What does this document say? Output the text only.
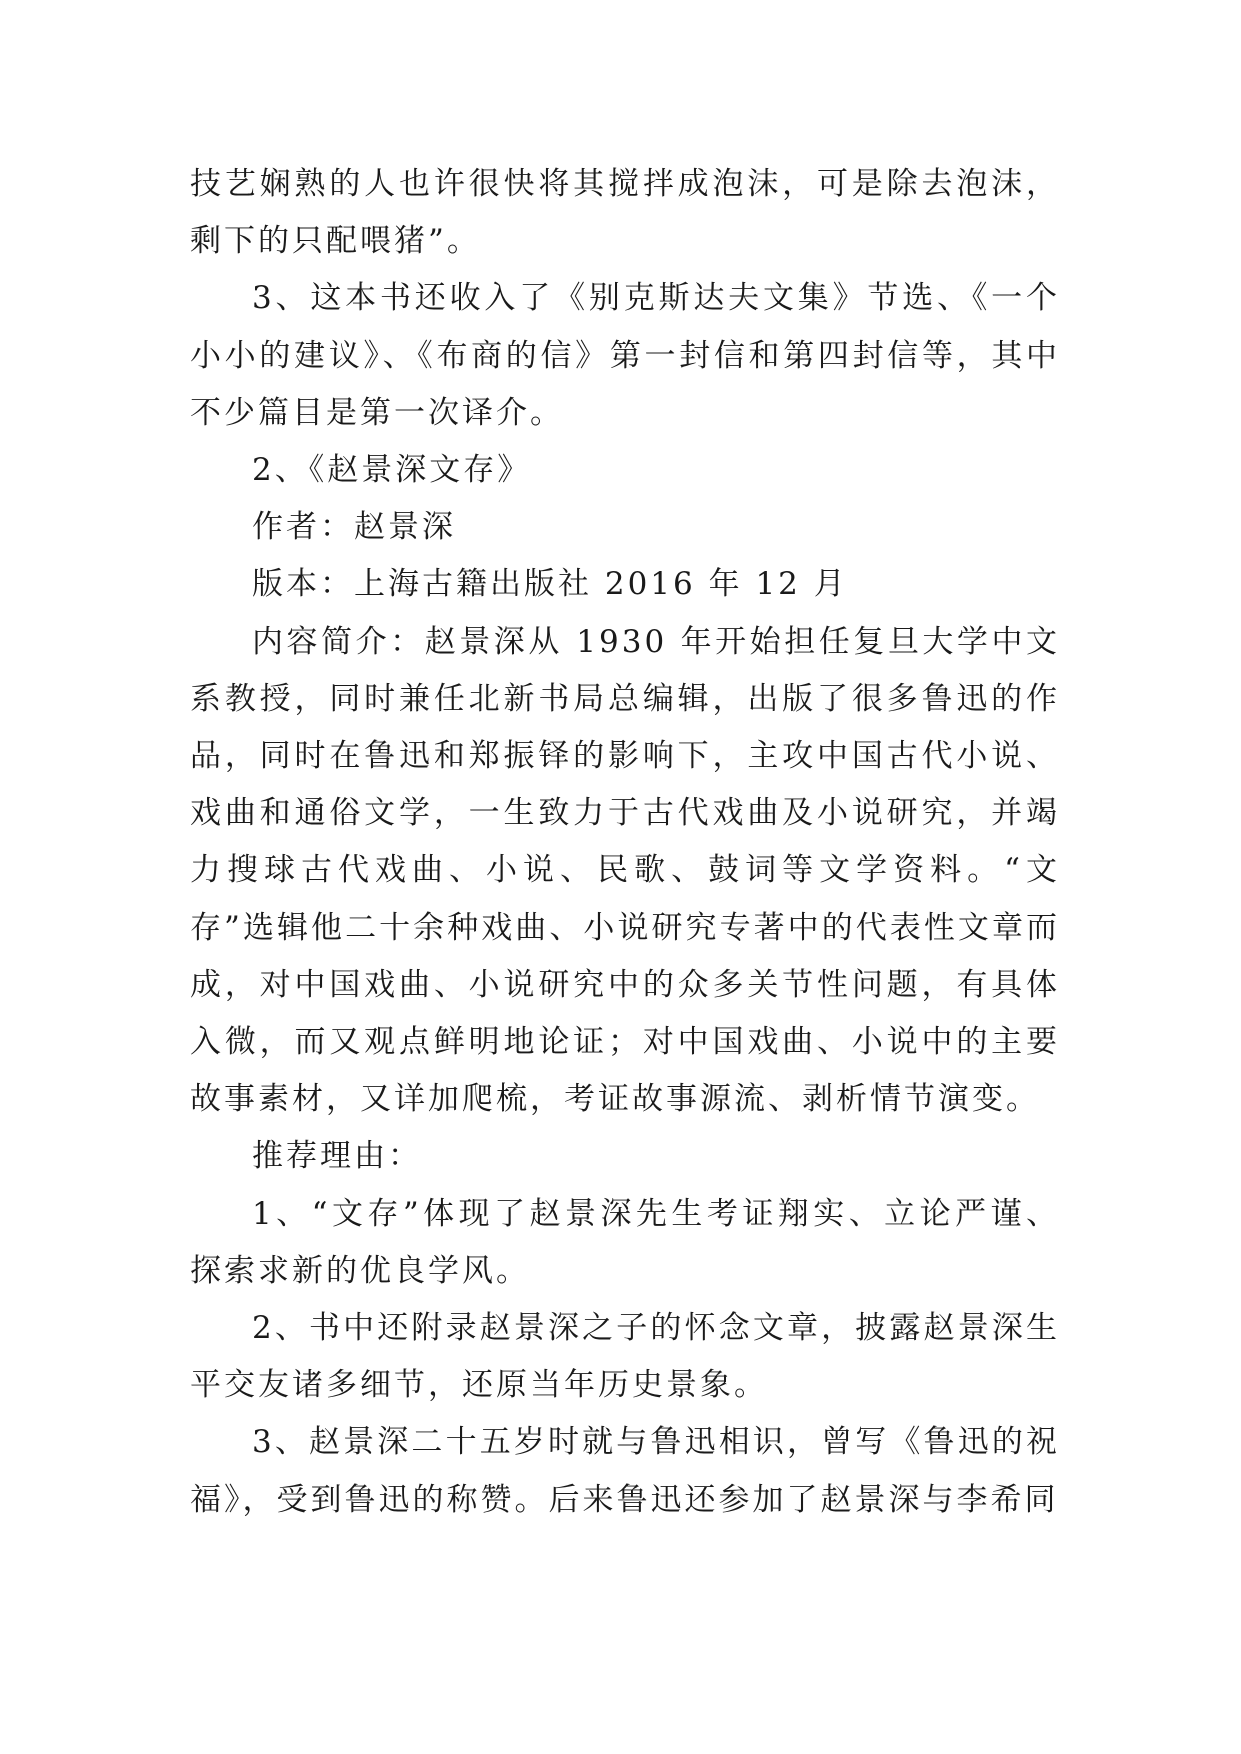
技艺娴熟的人也许很快将其搅拌成泡沫，可是除去泡沫，剩下的只配喂猪”。

3、这本书还收入了《别克斯达夫文集》节选、《一个小小的建议》、《布商的信》第一封信和第四封信等，其中不少篇目是第一次译介。

2、《赵景深文存》

作者：赵景深

版本：上海古籍出版社 2016 年 12 月

内容简介：赵景深从 1930 年开始担任复旦大学中文系教授，同时兼任北新书局总编辑，出版了很多鲁迅的作品，同时在鲁迅和郑振铎的影响下，主攻中国古代小说、戏曲和通俗文学，一生致力于古代戏曲及小说研究，并竭力搜球古代戏曲、小说、民歌、鼓词等文学资料。“文存”选辑他二十余种戏曲、小说研究专著中的代表性文章而成，对中国戏曲、小说研究中的众多关节性问题，有具体入微，而又观点鲜明地论证；对中国戏曲、小说中的主要故事素材，又详加爬梳，考证故事源流、剥析情节演变。

推荐理由：

1、“文存”体现了赵景深先生考证翔实、立论严谨、探索求新的优良学风。

2、书中还附录赵景深之子的怀念文章，披露赵景深生平交友诸多细节，还原当年历史景象。

3、赵景深二十五岁时就与鲁迅相识，曾写《鲁迅的祝福》，受到鲁迅的称赞。后来鲁迅还参加了赵景深与李希同
